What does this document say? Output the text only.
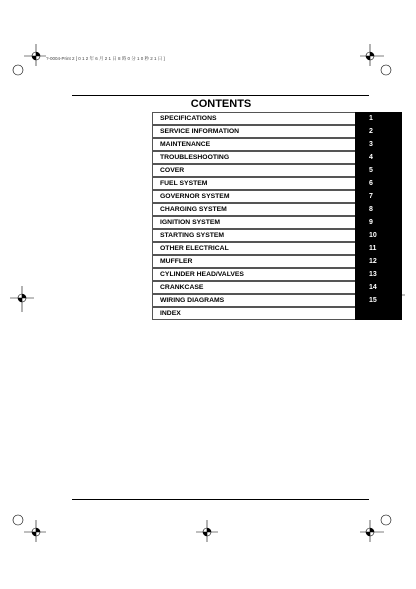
?-0004-Print 2 [ 0 1 2 年 6 月 2 1 日 8 時 0 分 1 0 秒 2 1 日 ]
CONTENTS
SPECIFICATIONS	1
SERVICE INFORMATION	2
MAINTENANCE	3
TROUBLESHOOTING	4
COVER	5
FUEL SYSTEM	6
GOVERNOR SYSTEM	7
CHARGING SYSTEM	8
IGNITION SYSTEM	9
STARTING SYSTEM	10
OTHER ELECTRICAL	11
MUFFLER	12
CYLINDER HEAD/VALVES	13
CRANKCASE	14
WIRING DIAGRAMS	15
INDEX
